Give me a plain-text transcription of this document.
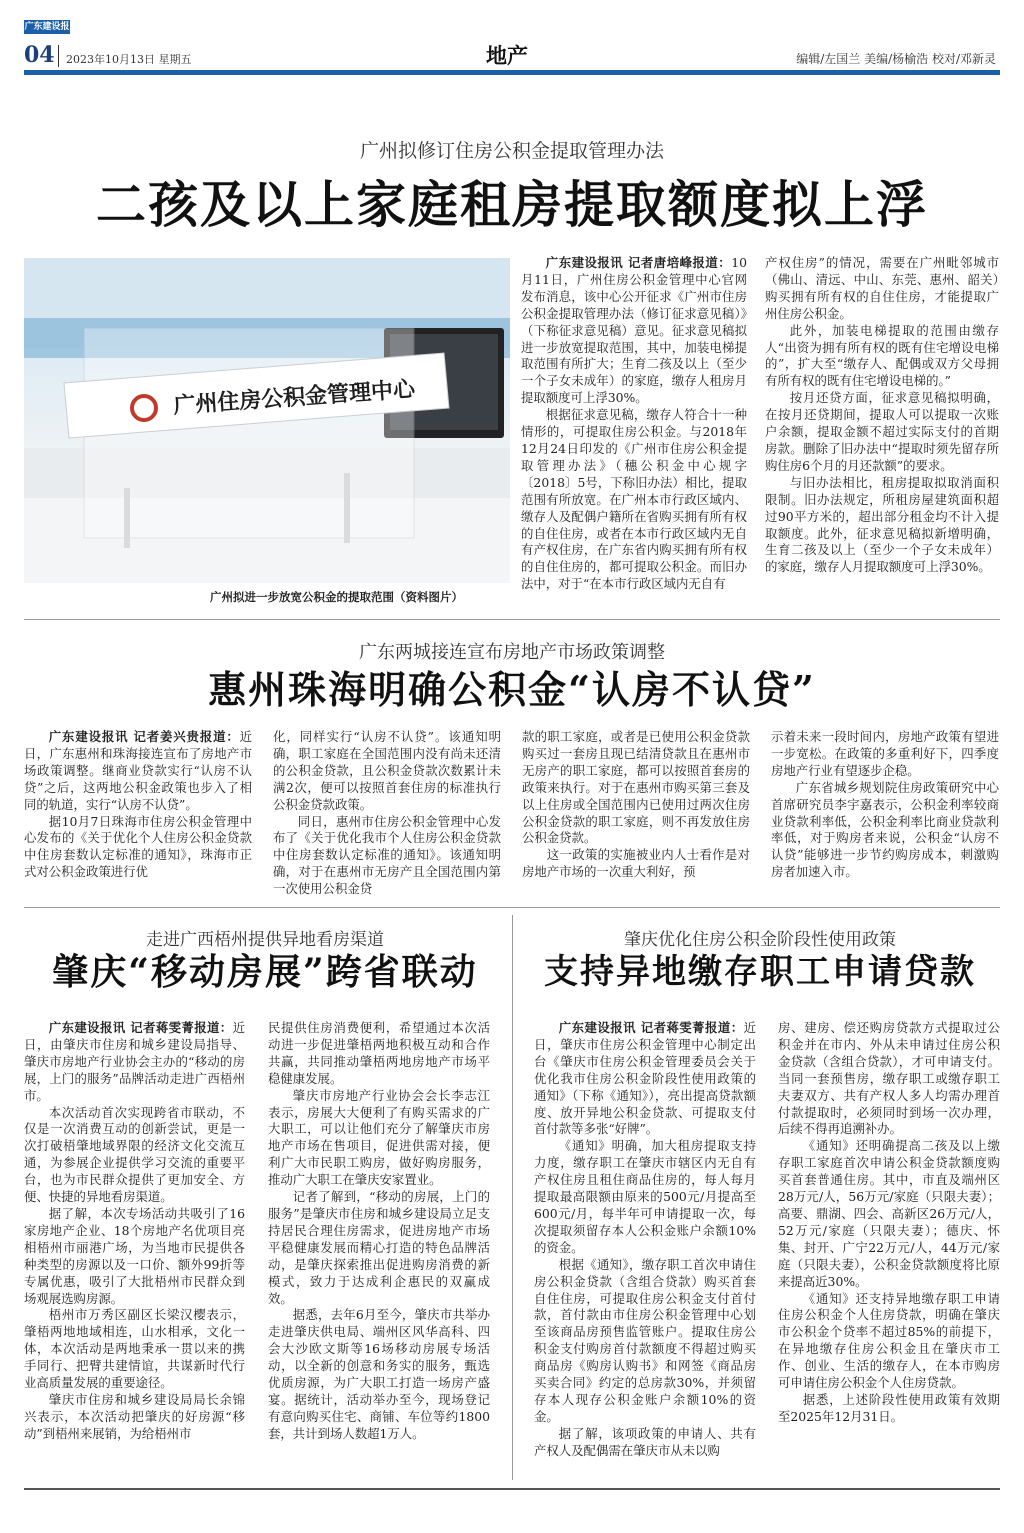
广东建设报
04 2023年10月13日 星期五	地产	编辑/左国兰 美编/杨榆浩 校对/邓新灵
广州拟修订住房公积金提取管理办法
二孩及以上家庭租房提取额度拟上浮
广州住房公积金管理中心
广州拟进一步放宽公积金的提取范围（资料图片）

广东建设报讯 记者唐培峰报道：10月11日，广州住房公积金管理中心官网发布消息，该中心公开征求《广州市住房公积金提取管理办法（修订征求意见稿）》（下称征求意见稿）意见。征求意见稿拟进一步放宽提取范围，其中，加装电梯提取范围有所扩大；生育二孩及以上（至少一个子女未成年）的家庭，缴存人租房月提取额度可上浮30%。

根据征求意见稿，缴存人符合十一种情形的，可提取住房公积金。与2018年12月24日印发的《广州市住房公积金提取管理办法》（穗公积金中心规字〔2018〕5号，下称旧办法）相比，提取范围有所放宽。在广州本市行政区域内、缴存人及配偶户籍所在省购买拥有所有权的自住住房，或者在本市行政区域内无自有产权住房，在广东省内购买拥有所有权的自住住房的，都可提取公积金。而旧办法中，对于“在本市行政区域内无自有

产权住房”的情况，需要在广州毗邻城市（佛山、清远、中山、东莞、惠州、韶关）购买拥有所有权的自住住房，才能提取广州住房公积金。

此外，加装电梯提取的范围由缴存人“出资为拥有所有权的既有住宅增设电梯的”，扩大至“缴存人、配偶或双方父母拥有所有权的既有住宅增设电梯的。”

按月还贷方面，征求意见稿拟明确，在按月还贷期间，提取人可以提取一次账户余额，提取金额不超过实际支付的首期房款。删除了旧办法中“提取时须先留存所购住房6个月的月还款额”的要求。

与旧办法相比，租房提取拟取消面积限制。旧办法规定，所租房屋建筑面积超过90平方米的，超出部分租金均不计入提取额度。此外，征求意见稿拟新增明确，生育二孩及以上（至少一个子女未成年）的家庭，缴存人月提取额度可上浮30%。

广东两城接连宣布房地产市场政策调整
惠州珠海明确公积金“认房不认贷”

广东建设报讯 记者姜兴贵报道：近日，广东惠州和珠海接连宣布了房地产市场政策调整。继商业贷款实行“认房不认贷”之后，这两地公积金政策也步入了相同的轨道，实行“认房不认贷”。

据10月7日珠海市住房公积金管理中心发布的《关于优化个人住房公积金贷款中住房套数认定标准的通知》，珠海市正式对公积金政策进行优

化，同样实行“认房不认贷”。该通知明确，职工家庭在全国范围内没有尚未还清的公积金贷款，且公积金贷款次数累计未满2次，便可以按照首套住房的标准执行公积金贷款政策。

同日，惠州市住房公积金管理中心发布了《关于优化我市个人住房公积金贷款中住房套数认定标准的通知》。该通知明确，对于在惠州市无房产且全国范围内第一次使用公积金贷

款的职工家庭，或者是已使用公积金贷款购买过一套房且现已结清贷款且在惠州市无房产的职工家庭，都可以按照首套房的政策来执行。对于在惠州市购买第三套及以上住房或全国范围内已使用过两次住房公积金贷款的职工家庭，则不再发放住房公积金贷款。

这一政策的实施被业内人士看作是对房地产市场的一次重大利好，预

示着未来一段时间内，房地产政策有望进一步宽松。在政策的多重利好下，四季度房地产行业有望逐步企稳。

广东省城乡规划院住房政策研究中心首席研究员李宇嘉表示，公积金利率较商业贷款利率低，公积金利率比商业贷款利率低，对于购房者来说，公积金“认房不认贷”能够进一步节约购房成本，刺激购房者加速入市。

走进广西梧州提供异地看房渠道
肇庆“移动房展”跨省联动

广东建设报讯 记者蒋雯菁报道：近日，由肇庆市住房和城乡建设局指导、肇庆市房地产行业协会主办的“移动的房展，上门的服务”品牌活动走进广西梧州市。

本次活动首次实现跨省市联动，不仅是一次消费互动的创新尝试，更是一次打破梧肇地域界限的经济文化交流互通，为参展企业提供学习交流的重要平台，也为市民群众提供了更加安全、方便、快捷的异地看房渠道。

据了解，本次专场活动共吸引了16家房地产企业、18个房地产名优项目亮相梧州市丽港广场，为当地市民提供各种类型的房源以及一口价、额外99折等专属优惠，吸引了大批梧州市民群众到场观展选购房源。

梧州市万秀区副区长梁汉樱表示，肇梧两地地域相连，山水相承，文化一体，本次活动是两地秉承一贯以来的携手同行、把臂共建情谊，共谋新时代行业高质量发展的重要途径。

肇庆市住房和城乡建设局局长余锦兴表示，本次活动把肇庆的好房源“移动”到梧州来展销，为给梧州市

民提供住房消费便利，希望通过本次活动进一步促进肇梧两地积极互动和合作共赢，共同推动肇梧两地房地产市场平稳健康发展。

肇庆市房地产行业协会会长李志江表示，房展大大便利了有购买需求的广大职工，可以让他们充分了解肇庆市房地产市场在售项目，促进供需对接，便利广大市民职工购房，做好购房服务，推动广大职工在肇庆安家置业。

记者了解到，“移动的房展，上门的服务”是肇庆市住房和城乡建设局立足支持居民合理住房需求，促进房地产市场平稳健康发展而精心打造的特色品牌活动，是肇庆探索推出促进购房消费的新模式，致力于达成利企惠民的双赢成效。

据悉，去年6月至今，肇庆市共举办走进肇庆供电局、端州区风华高科、四会大沙欧文斯等16场移动房展专场活动，以全新的创意和务实的服务，甄选优质房源，为广大职工打造一场房产盛宴。据统计，活动举办至今，现场登记有意向购买住宅、商铺、车位等约1800套，共计到场人数超1万人。

肇庆优化住房公积金阶段性使用政策
支持异地缴存职工申请贷款

广东建设报讯 记者蒋雯菁报道：近日，肇庆市住房公积金管理中心制定出台《肇庆市住房公积金管理委员会关于优化我市住房公积金阶段性使用政策的通知》（下称《通知》），亮出提高贷款额度、放开异地公积金贷款、可提取支付首付款等多张“好牌”。

《通知》明确，加大租房提取支持力度，缴存职工在肇庆市辖区内无自有产权住房且租住商品住房的，每人每月提取最高限额由原来的500元/月提高至600元/月，每半年可申请提取一次，每次提取须留存本人公积金账户余额10%的资金。

根据《通知》，缴存职工首次申请住房公积金贷款（含组合贷款）购买首套自住住房，可提取住房公积金支付首付款，首付款由市住房公积金管理中心划至该商品房预售监管账户。提取住房公积金支付购房首付款额度不得超过购买商品房《购房认购书》和网签《商品房买卖合同》约定的总房款30%，并须留存本人现存公积金账户余额10%的资金。

据了解，该项政策的申请人、共有产权人及配偶需在肇庆市从未以购

房、建房、偿还购房贷款方式提取过公积金并在市内、外从未申请过住房公积金贷款（含组合贷款），才可申请支付。当同一套预售房，缴存职工或缴存职工夫妻双方、共有产权人多人均需办理首付款提取时，必须同时到场一次办理，后续不得再追溯补办。

《通知》还明确提高二孩及以上缴存职工家庭首次申请公积金贷款额度购买首套普通住房。其中，市直及端州区28万元/人，56万元/家庭（只限夫妻）；高要、鼎湖、四会、高新区26万元/人，52万元/家庭（只限夫妻）；德庆、怀集、封开、广宁22万元/人，44万元/家庭（只限夫妻），公积金贷款额度将比原来提高近30%。

《通知》还支持异地缴存职工申请住房公积金个人住房贷款，明确在肇庆市公积金个贷率不超过85%的前提下，在异地缴存住房公积金且在肇庆市工作、创业、生活的缴存人，在本市购房可申请住房公积金个人住房贷款。

据悉，上述阶段性使用政策有效期至2025年12月31日。
